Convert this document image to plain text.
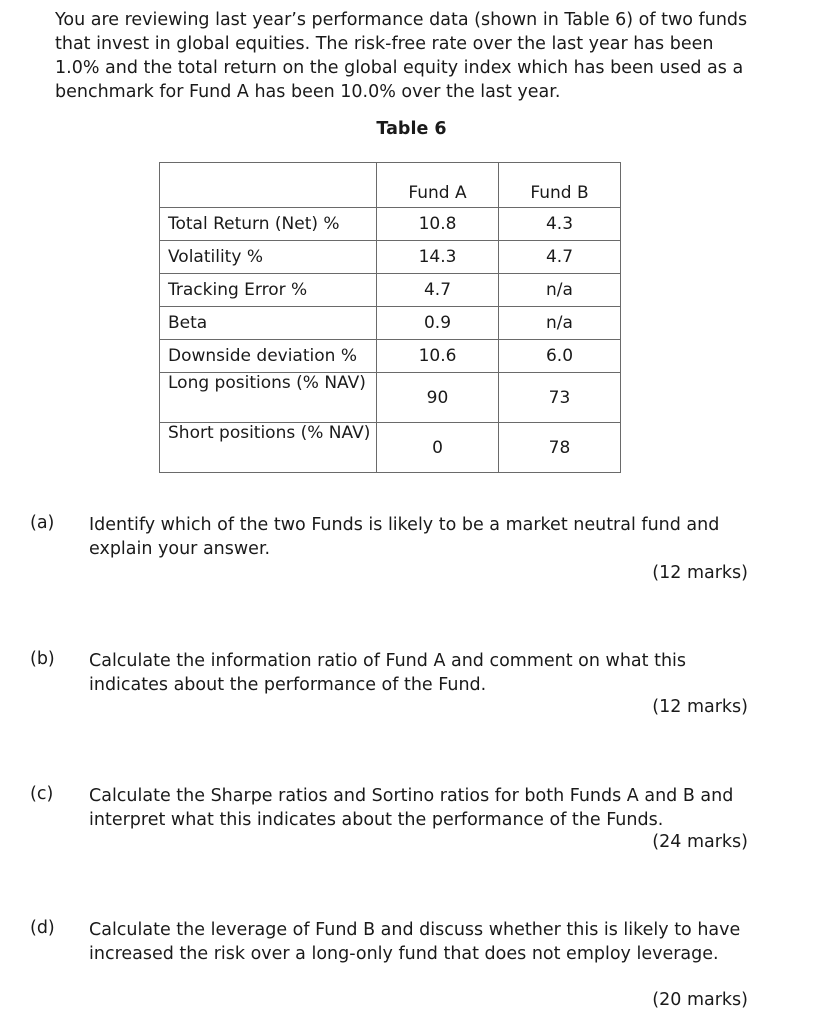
You are reviewing last year’s performance data (shown in Table 6) of two funds that invest in global equities. The risk-free rate over the last year has been 1.0% and the total return on the global equity index which has been used as a benchmark for Fund A has been 10.0% over the last year.

Table 6

	Fund A	Fund B
Total Return (Net) %	10.8	4.3
Volatility %	14.3	4.7
Tracking Error %	4.7	n/a
Beta	0.9	n/a
Downside deviation %	10.6	6.0
Long positions (% NAV)	90	73
Short positions (% NAV)	0	78

(a) Identify which of the two Funds is likely to be a market neutral fund and explain your answer.

(12 marks)

(b) Calculate the information ratio of Fund A and comment on what this indicates about the performance of the Fund.

(12 marks)

(c) Calculate the Sharpe ratios and Sortino ratios for both Funds A and B and interpret what this indicates about the performance of the Funds.

(24 marks)

(d) Calculate the leverage of Fund B and discuss whether this is likely to have increased the risk over a long-only fund that does not employ leverage.

(20 marks)
